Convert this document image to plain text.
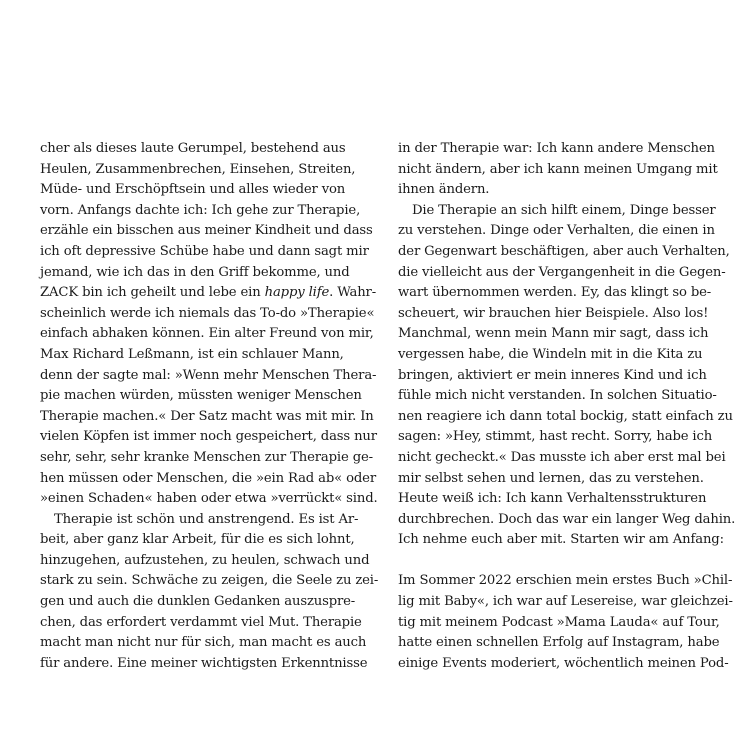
cher als dieses laute Gerumpel, bestehend aus
Heulen, Zusammenbrechen, Einsehen, Streiten,
Müde- und Erschöpftsein und alles wieder von
vorn. Anfangs dachte ich: Ich gehe zur Therapie,
erzähle ein bisschen aus meiner Kindheit und dass
ich oft depressive Schübe habe und dann sagt mir
jemand, wie ich das in den Griff bekomme, und
ZACK bin ich geheilt und lebe ein happy life. Wahr-
scheinlich werde ich niemals das To-do »Therapie«
einfach abhaken können. Ein alter Freund von mir,
Max Richard Leßmann, ist ein schlauer Mann,
denn der sagte mal: »Wenn mehr Menschen Thera-
pie machen würden, müssten weniger Menschen
Therapie machen.« Der Satz macht was mit mir. In
vielen Köpfen ist immer noch gespeichert, dass nur
sehr, sehr, sehr kranke Menschen zur Therapie ge-
hen müssen oder Menschen, die »ein Rad ab« oder
»einen Schaden« haben oder etwa »verrückt« sind.
Therapie ist schön und anstrengend. Es ist Ar-
beit, aber ganz klar Arbeit, für die es sich lohnt,
hinzugehen, aufzustehen, zu heulen, schwach und
stark zu sein. Schwäche zu zeigen, die Seele zu zei-
gen und auch die dunklen Gedanken auszuspre-
chen, das erfordert verdammt viel Mut. Therapie
macht man nicht nur für sich, man macht es auch
für andere. Eine meiner wichtigsten Erkenntnisse
in der Therapie war: Ich kann andere Menschen
nicht ändern, aber ich kann meinen Umgang mit
ihnen ändern.
Die Therapie an sich hilft einem, Dinge besser
zu verstehen. Dinge oder Verhalten, die einen in
der Gegenwart beschäftigen, aber auch Verhalten,
die vielleicht aus der Vergangenheit in die Gegen-
wart übernommen werden. Ey, das klingt so be-
scheuert, wir brauchen hier Beispiele. Also los!
Manchmal, wenn mein Mann mir sagt, dass ich
vergessen habe, die Windeln mit in die Kita zu
bringen, aktiviert er mein inneres Kind und ich
fühle mich nicht verstanden. In solchen Situatio-
nen reagiere ich dann total bockig, statt einfach zu
sagen: »Hey, stimmt, hast recht. Sorry, habe ich
nicht gecheckt.« Das musste ich aber erst mal bei
mir selbst sehen und lernen, das zu verstehen.
Heute weiß ich: Ich kann Verhaltensstrukturen
durchbrechen. Doch das war ein langer Weg dahin.
Ich nehme euch aber mit. Starten wir am Anfang:
Im Sommer 2022 erschien mein erstes Buch »Chil-
lig mit Baby«, ich war auf Lesereise, war gleichzei-
tig mit meinem Podcast »Mama Lauda« auf Tour,
hatte einen schnellen Erfolg auf Instagram, habe
einige Events moderiert, wöchentlich meinen Pod-
